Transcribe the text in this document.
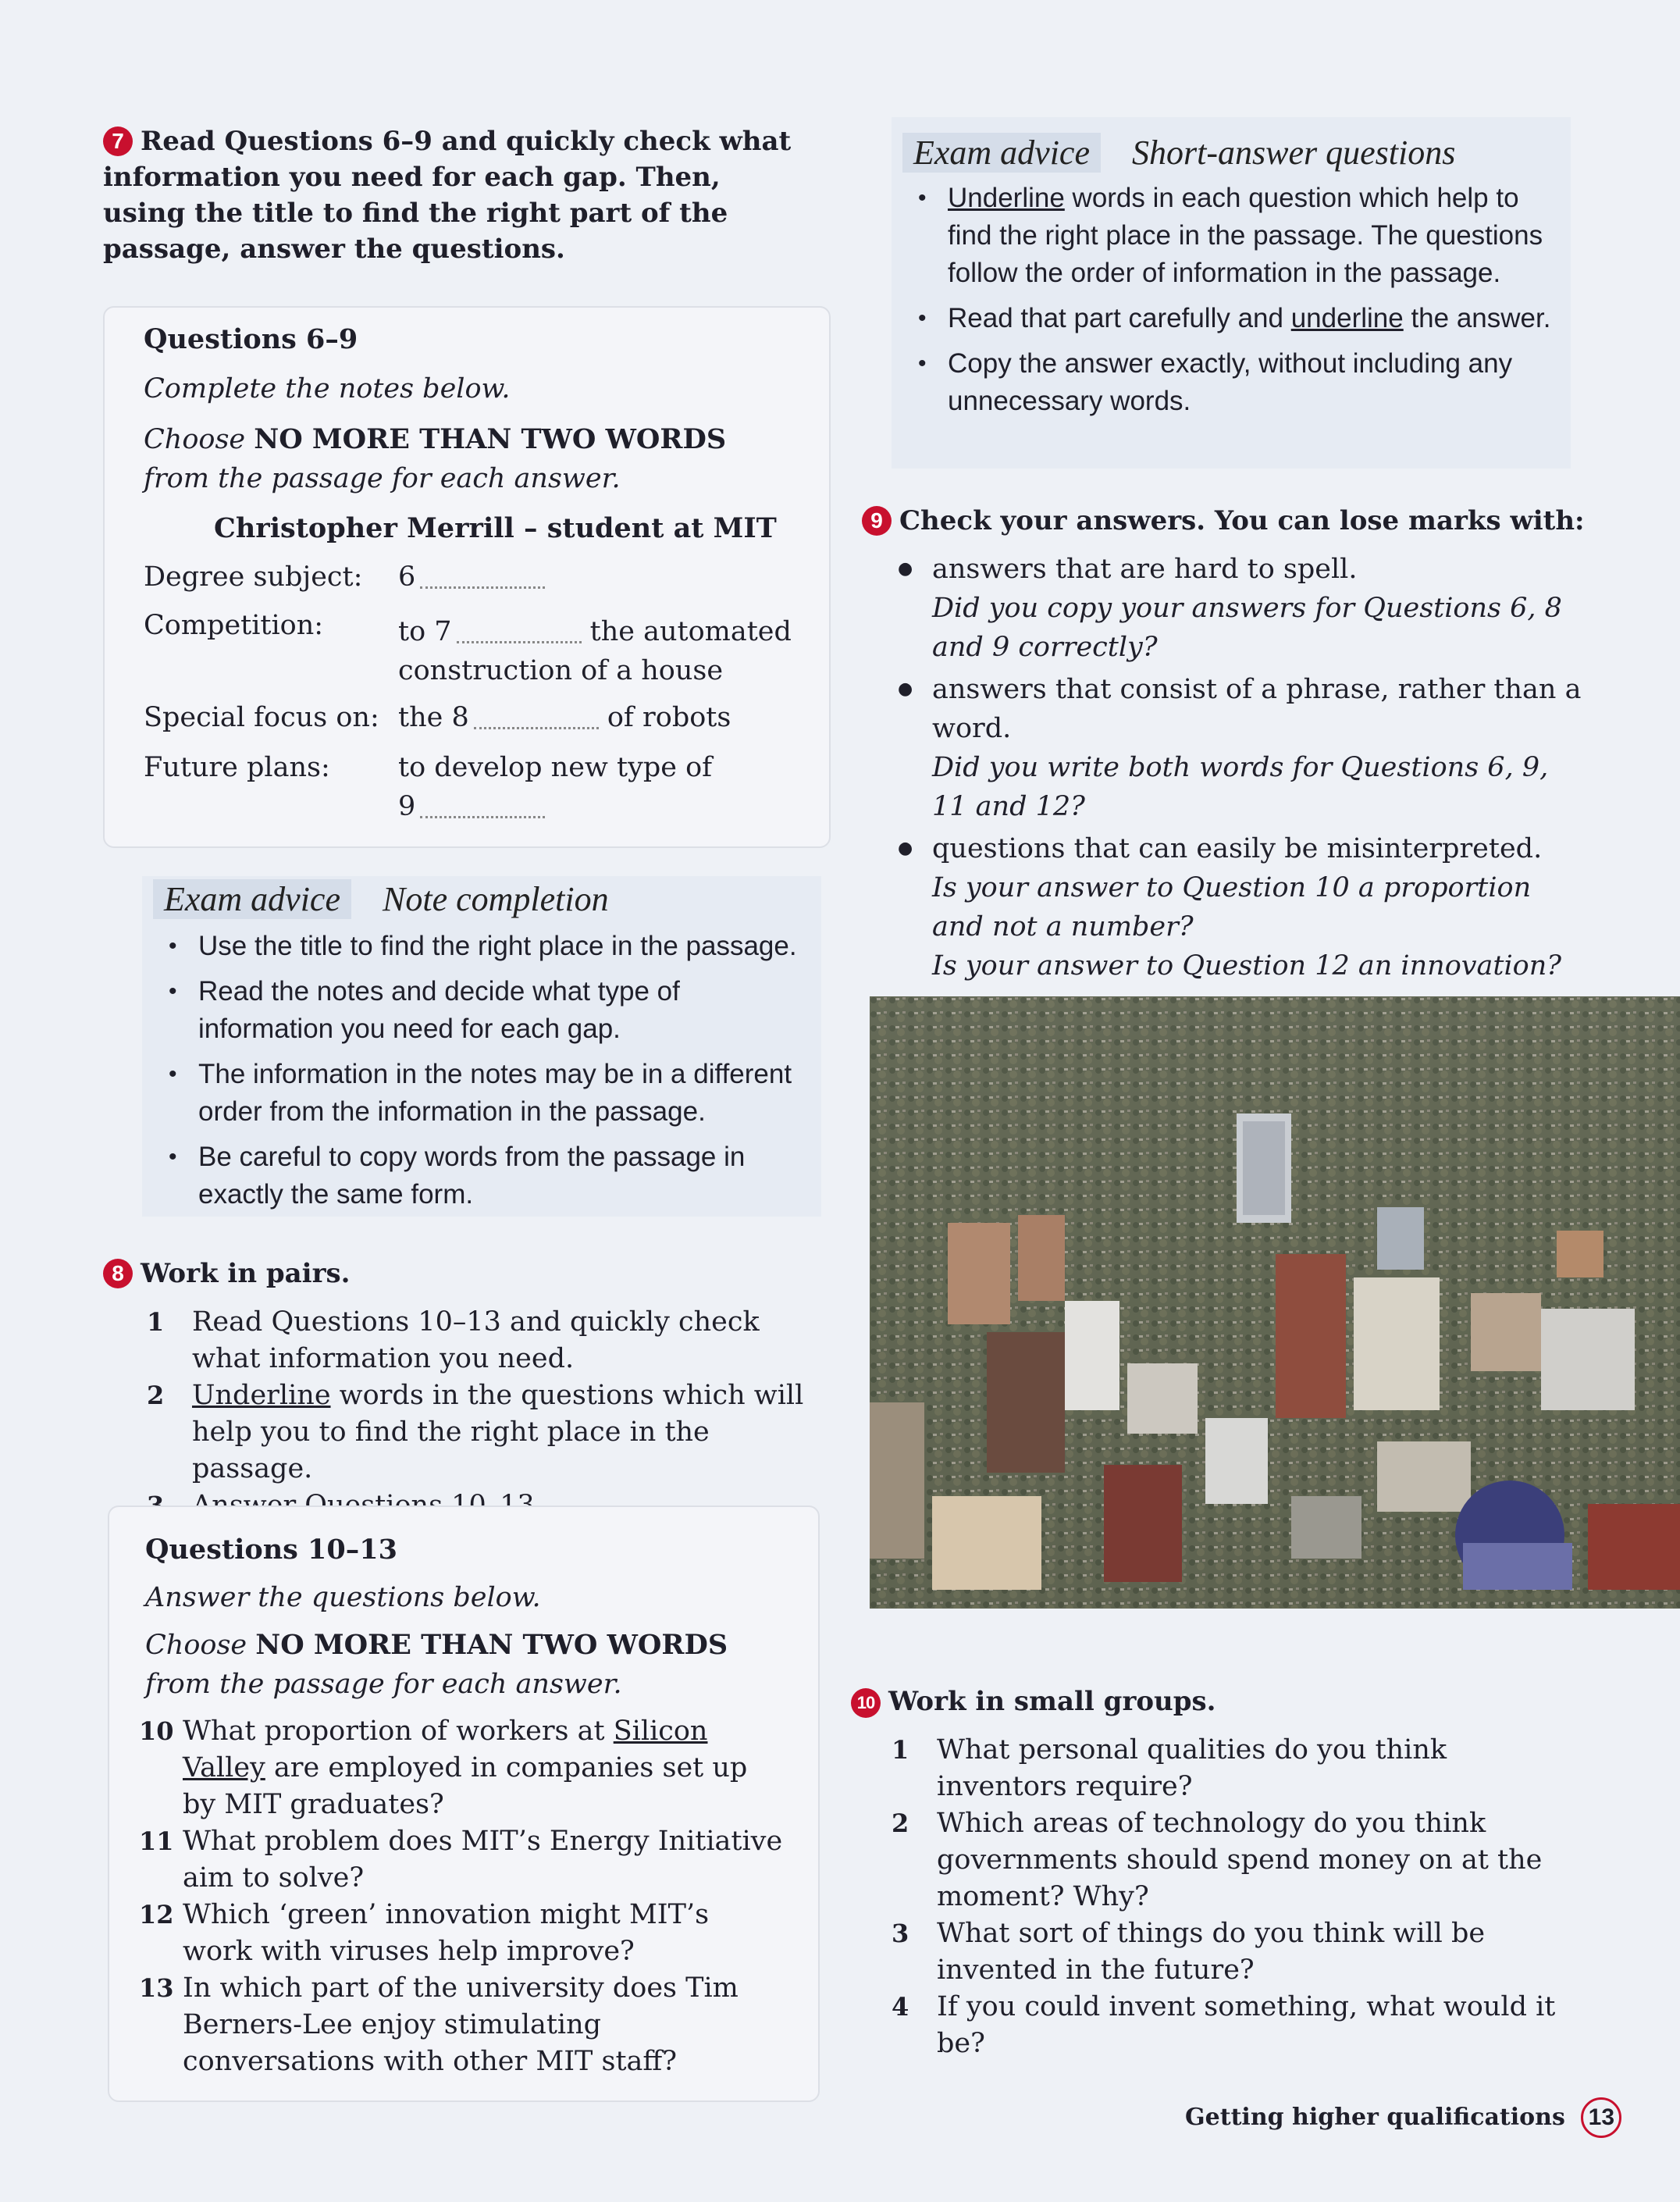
7 Read Questions 6–9 and quickly check what information you need for each gap. Then, using the title to find the right part of the passage, answer the questions.
Questions 6–9
Complete the notes below.
Choose NO MORE THAN TWO WORDS from the passage for each answer.
Christopher Merrill – student at MIT
Degree subject: 6
Competition:	to 7	the automated
construction of a house
Special focus on: the 8	of robots
Future plans: to develop new type of
9
Exam advice Note completion
• Use the title to find the right place in the passage.
• Read the notes and decide what type of information you need for each gap.
• The information in the notes may be in a different order from the information in the passage.
• Be careful to copy words from the passage in exactly the same form.
8 Work in pairs.
1 Read Questions 10–13 and quickly check what information you need.
2 Underline words in the questions which will help you to find the right place in the passage.
Questions 10–13
Answer the questions below.
Choose NO MORE THAN TWO WORDS from the passage for each answer.
10 What proportion of workers at Silicon Valley are employed in companies set up by MIT graduates?
11 What problem does MIT’s Energy Initiative aim to solve?
12 Which ‘green’ innovation might MIT’s work with viruses help improve?
13 In which part of the university does Tim Berners-Lee enjoy stimulating conversations with other MIT staff?
Exam advice Short-answer questions
• Underline words in each question which help to find the right place in the passage. The questions follow the order of information in the passage.
• Read that part carefully and underline the answer.
• Copy the answer exactly, without including any unnecessary words.
9 Check your answers. You can lose marks with:
● answers that are hard to spell.
Did you copy your answers for Questions 6, 8 and 9 correctly?
● answers that consist of a phrase, rather than a word.
Did you write both words for Questions 6, 9, 11 and 12?
● questions that can easily be misinterpreted.
Is your answer to Question 10 a proportion and not a number?
Is your answer to Question 12 an innovation?
10 Work in small groups.
1 What personal qualities do you think inventors require?
2 Which areas of technology do you think governments should spend money on at the moment? Why?
3 What sort of things do you think will be invented in the future?
4 If you could invent something, what would it be?
Getting higher qualifications 13
